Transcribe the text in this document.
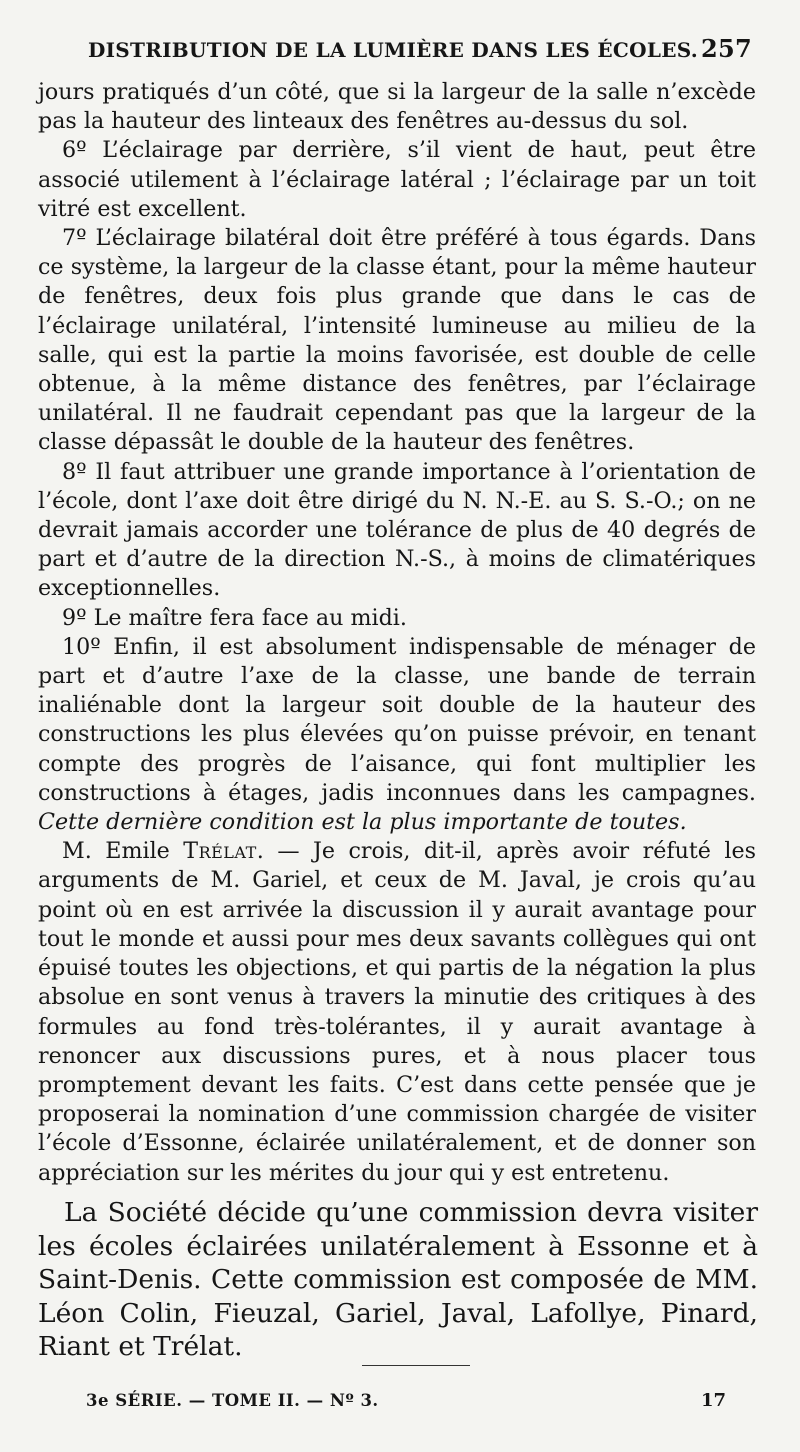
DISTRIBUTION DE LA LUMIÈRE DANS LES ÉCOLES. 257

jours pratiqués d’un côté, que si la largeur de la salle n’excède pas la hauteur des linteaux des fenêtres au-dessus du sol.

6º L’éclairage par derrière, s’il vient de haut, peut être associé utilement à l’éclairage latéral ; l’éclairage par un toit vitré est excellent.

7º L’éclairage bilatéral doit être préféré à tous égards. Dans ce système, la largeur de la classe étant, pour la même hauteur de fenêtres, deux fois plus grande que dans le cas de l’éclairage unilatéral, l’intensité lumineuse au milieu de la salle, qui est la partie la moins favorisée, est double de celle obtenue, à la même distance des fenêtres, par l’éclairage unilatéral. Il ne faudrait cependant pas que la largeur de la classe dépassât le double de la hauteur des fenêtres.

8º Il faut attribuer une grande importance à l’orientation de l’école, dont l’axe doit être dirigé du N. N.-E. au S. S.-O.; on ne devrait jamais accorder une tolérance de plus de 40 degrés de part et d’autre de la direction N.-S., à moins de climatériques exceptionnelles.

9º Le maître fera face au midi.

10º Enfin, il est absolument indispensable de ménager de part et d’autre l’axe de la classe, une bande de terrain inaliénable dont la largeur soit double de la hauteur des constructions les plus élevées qu’on puisse prévoir, en tenant compte des progrès de l’aisance, qui font multiplier les constructions à étages, jadis inconnues dans les campagnes. Cette dernière condition est la plus importante de toutes.

M. Emile Trélat. — Je crois, dit-il, après avoir réfuté les arguments de M. Gariel, et ceux de M. Javal, je crois qu’au point où en est arrivée la discussion il y aurait avantage pour tout le monde et aussi pour mes deux savants collègues qui ont épuisé toutes les objections, et qui partis de la négation la plus absolue en sont venus à travers la minutie des critiques à des formules au fond très-tolérantes, il y aurait avantage à renoncer aux discussions pures, et à nous placer tous promptement devant les faits. C’est dans cette pensée que je proposerai la nomination d’une commission chargée de visiter l’école d’Essonne, éclairée unilatéralement, et de donner son appréciation sur les mérites du jour qui y est entretenu.

La Société décide qu’une commission devra visiter les écoles éclairées unilatéralement à Essonne et à Saint-Denis. Cette commission est composée de MM. Léon Colin, Fieuzal, Gariel, Javal, Lafollye, Pinard, Riant et Trélat.

3e SÉRIE. — TOME II. — Nº 3.	17
